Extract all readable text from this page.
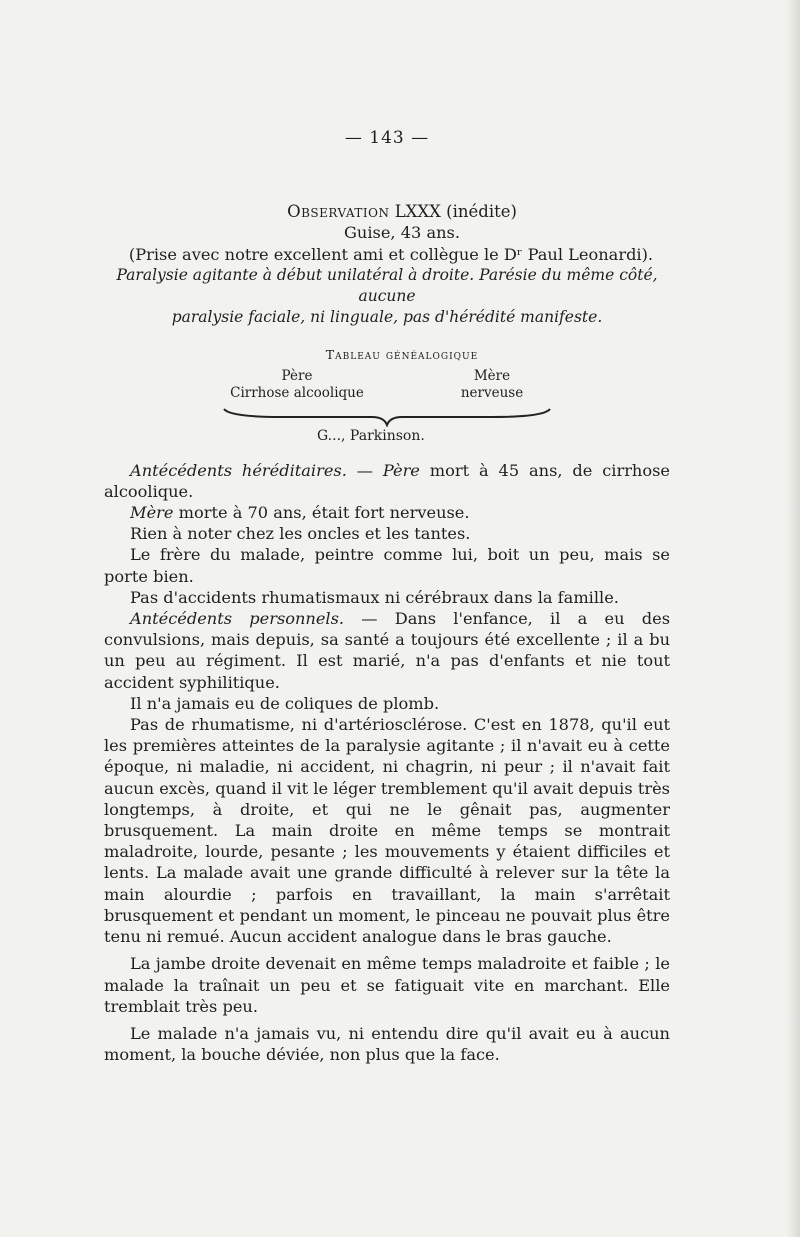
— 143 —
Observation LXXX (inédite)
Guise, 43 ans.
(Prise avec notre excellent ami et collègue le Dʳ Paul Leonardi).
Paralysie agitante à début unilatéral à droite. Parésie du même côté, aucune
paralysie faciale, ni linguale, pas d'hérédité manifeste.
Tableau généalogique
Père
Cirrhose alcoolique
Mère
nerveuse
G..., Parkinson.

Antécédents héréditaires. — Père mort à 45 ans, de cirrhose alcoolique.

Mère morte à 70 ans, était fort nerveuse.

Rien à noter chez les oncles et les tantes.

Le frère du malade, peintre comme lui, boit un peu, mais se porte bien.

Pas d'accidents rhumatismaux ni cérébraux dans la famille.

Antécédents personnels. — Dans l'enfance, il a eu des convulsions, mais depuis, sa santé a toujours été excellente ; il a bu un peu au régiment. Il est marié, n'a pas d'enfants et nie tout accident syphilitique.

Il n'a jamais eu de coliques de plomb.

Pas de rhumatisme, ni d'artériosclérose. C'est en 1878, qu'il eut les premières atteintes de la paralysie agitante ; il n'avait eu à cette époque, ni maladie, ni accident, ni chagrin, ni peur ; il n'avait fait aucun excès, quand il vit le léger tremblement qu'il avait depuis très longtemps, à droite, et qui ne le gênait pas, augmenter brusquement. La main droite en même temps se montrait maladroite, lourde, pesante ; les mouvements y étaient difficiles et lents. La malade avait une grande difficulté à relever sur la tête la main alourdie ; parfois en travaillant, la main s'arrêtait brusquement et pendant un moment, le pinceau ne pouvait plus être tenu ni remué. Aucun accident analogue dans le bras gauche.

La jambe droite devenait en même temps maladroite et faible ; le malade la traînait un peu et se fatiguait vite en marchant. Elle tremblait très peu.

Le malade n'a jamais vu, ni entendu dire qu'il avait eu à aucun moment, la bouche déviée, non plus que la face.
